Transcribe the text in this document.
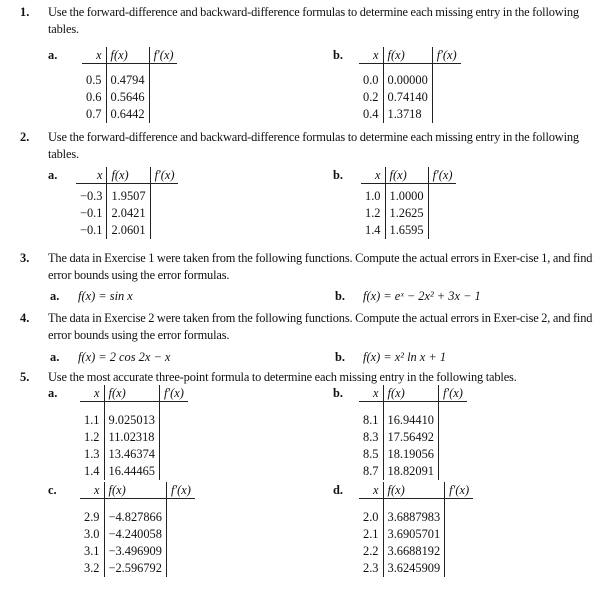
1. Use the forward-difference and backward-difference formulas to determine each missing entry in the following tables.
2. Use the forward-difference and backward-difference formulas to determine each missing entry in the following tables.
3. The data in Exercise 1 were taken from the following functions. Compute the actual errors in Exer-cise 1, and find error bounds using the error formulas.
a. f(x) = sin x	b. f(x) = eˣ − 2x² + 3x − 1
4. The data in Exercise 2 were taken from the following functions. Compute the actual errors in Exer-cise 2, and find error bounds using the error formulas.
a. f(x) = 2 cos 2x − x	b. f(x) = x² ln x + 1
5. Use the most accurate three-point formula to determine each missing entry in the following tables.
a.	x	f(x)	f′(x)
0.5	0.4794	
0.6	0.5646	
0.7	0.6442	
b. x	f(x)	f′(x)
0.0	0.00000	
0.2	0.74140	
0.4	1.3718	
a.	x	f(x)	f′(x)
−0.3	1.9507	
−0.1	2.0421	
−0.1	2.0601	
b.	x	f(x)	f′(x)
1.0	1.0000	
1.2	1.2625	
1.4	1.6595	
a.	x	f(x)	f′(x)
1.1	9.025013	
1.2	11.02318	
1.3	13.46374	
1.4	16.44465	
b. x	f(x)	f′(x)
8.1	16.94410	
8.3	17.56492	
8.5	18.19056	
8.7	18.82091	
c.	x	f(x)	f′(x)
2.9	−4.827866	
3.0	−4.240058	
3.1	−3.496909	
3.2	−2.596792	
d. x	f(x)	f′(x)
2.0	3.6887983	
2.1	3.6905701	
2.2	3.6688192	
2.3	3.6245909	
